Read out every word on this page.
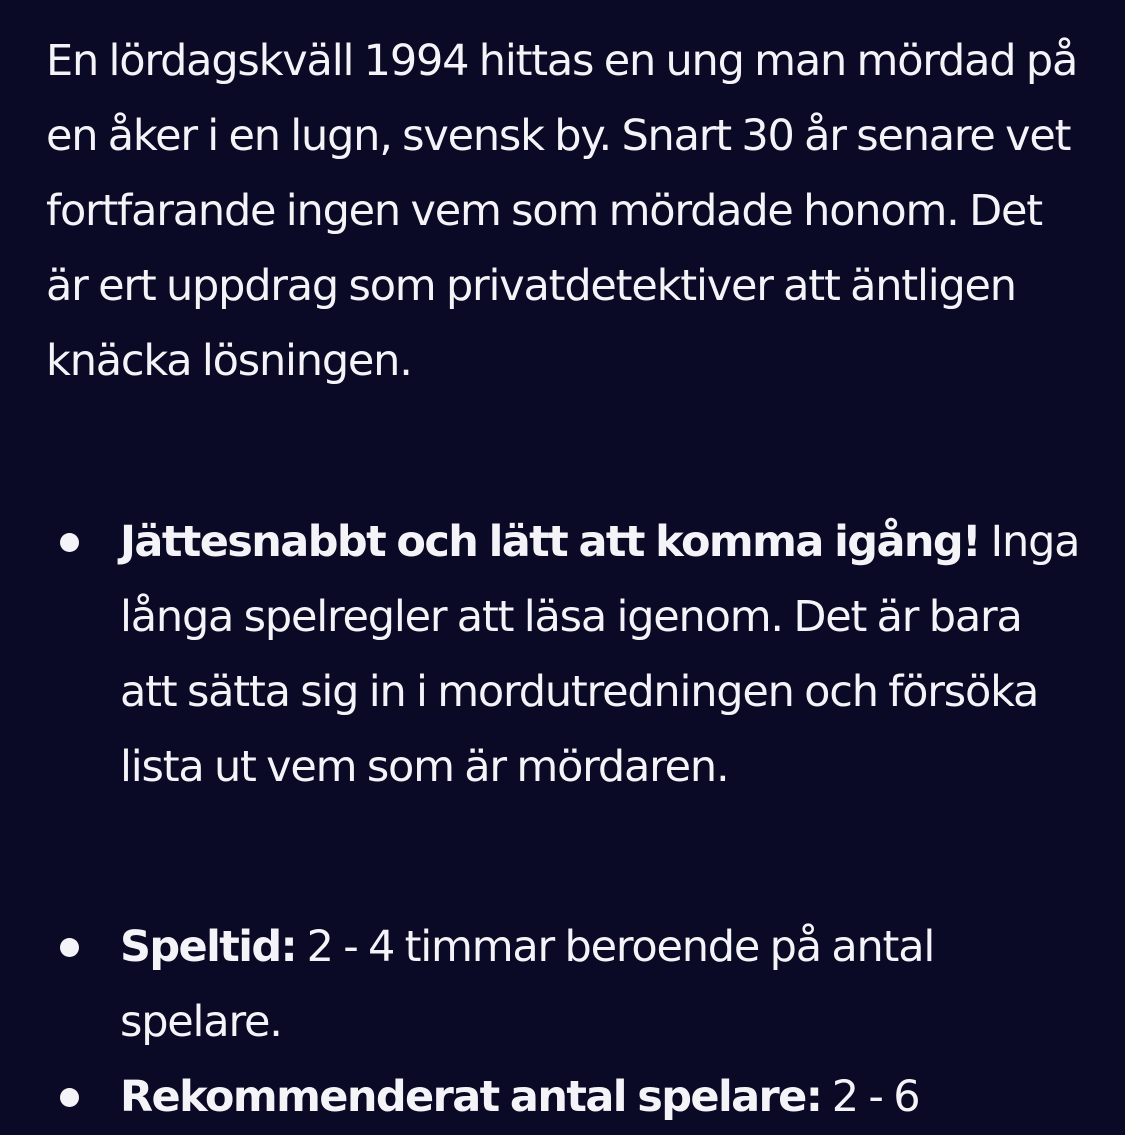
En lördagskväll 1994 hittas en ung man mördad på en åker i en lugn, svensk by. Snart 30 år senare vet fortfarande ingen vem som mördade honom. Det är ert uppdrag som privatdetektiver att äntligen knäcka lösningen.

Jättesnabbt och lätt att komma igång! Inga långa spelregler att läsa igenom. Det är bara att sätta sig in i mordutredningen och försöka lista ut vem som är mördaren.
Speltid: 2 - 4 timmar beroende på antal spelare.
Rekommenderat antal spelare: 2 - 6
